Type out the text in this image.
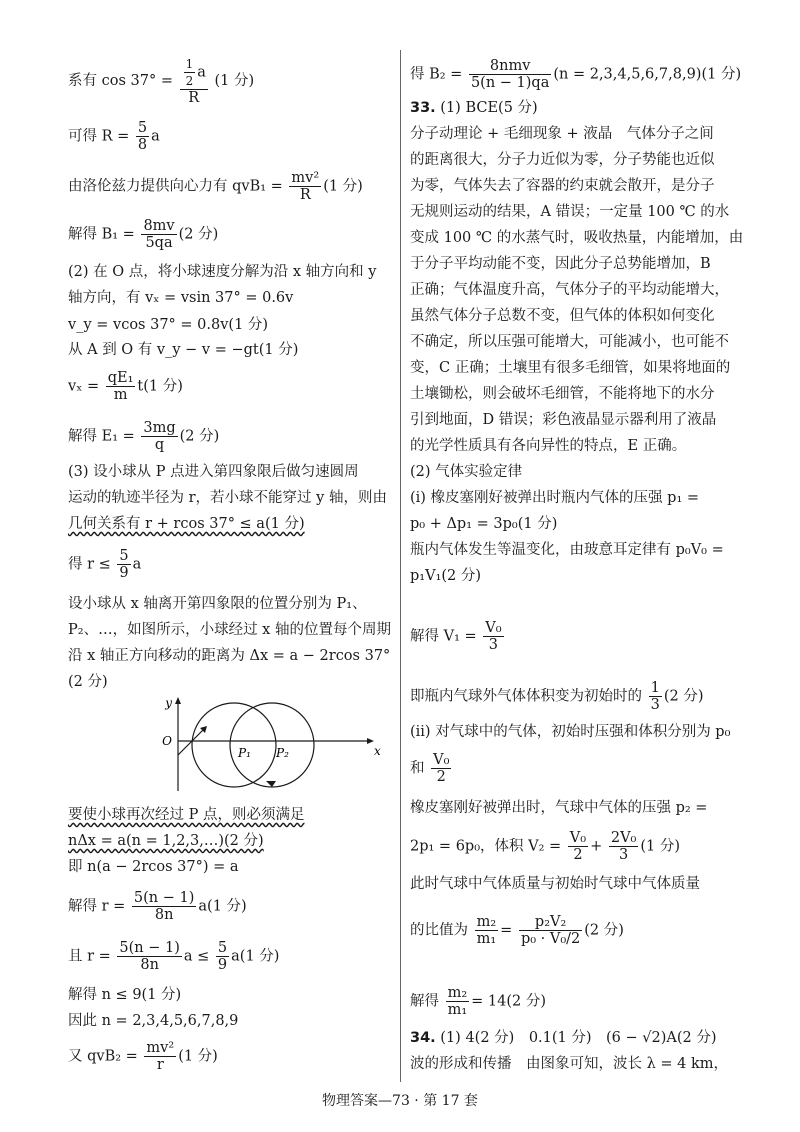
系有 $\cos 37^\circ = \frac{\frac{1}{2} a}{R} (1$ 分)
可得 $R = \frac{5}{8}$ a
由洛伦兹力提供向心力有 $qvB_1 = \frac{\text{mv²}}{R} (1$ 分)
解得 $B_1 = \frac{8mv}{5qa} (2$ 分)
(2) 在 O 点，将小球速度分解为沿 x 轴方向和 y
轴方向，有 vₓ = vsin 37° = 0.6v
v_y = vcos 37° = 0.8v(1 分)
从 A 到 O 有 v_y − v = −gt(1 分)
$v_x = \frac{\text{qE₁}}{m} t(1$ 分)
解得 $E_1 = \frac{3mg}{q} (2$ 分)
(3) 设小球从 P 点进入第四象限后做匀速圆周
运动的轨迹半径为 r，若小球不能穿过 y 轴，则由
几何关系有 r + rcos 37° ≤ a(1 分)
得 $r \le \frac{5}{9}$ a
设小球从 x 轴离开第四象限的位置分别为 P₁、
P₂、…，如图所示，小球经过 x 轴的位置每个周期
沿 x 轴正方向移动的距离为 Δx = a − 2rcos 37°
(2 分)
y
O
x
P₁ P₂
要使小球再次经过 P 点，则必须满足
nΔx = a(n = 1,2,3,…)(2 分)
即 n(a − 2rcos 37°) = a
解得 $r = \frac{5(n - 1)}{8n} a(1$ 分)
且 $r = \frac{5(n - 1)}{8n}$ $a \le \frac{5}{9} a(1$ 分)
解得 n ≤ 9(1 分)
因此 n = 2,3,4,5,6,7,8,9
又 $qvB_2 = \frac{\text{mv²}}{r} (1$ 分)
得 $B_2 = \frac{\text{8nmv}}{5(n - 1)qa} (n = 2,3,4,5,6,7,8,9)(1$ 分)
33. (1) BCE(5 分)
分子动理论 + 毛细现象 + 液晶　气体分子之间
的距离很大，分子力近似为零，分子势能也近似
为零，气体失去了容器的约束就会散开，是分子
无规则运动的结果，A 错误；一定量 100 ℃ 的水
变成 100 ℃ 的水蒸气时，吸收热量，内能增加，由
于分子平均动能不变，因此分子总势能增加，B
正确；气体温度升高，气体分子的平均动能增大，
虽然气体分子总数不变，但气体的体积如何变化
不确定，所以压强可能增大，可能减小，也可能不
变，C 正确；土壤里有很多毛细管，如果将地面的
土壤锄松，则会破坏毛细管，不能将地下的水分
引到地面，D 错误；彩色液晶显示器利用了液晶
的光学性质具有各向异性的特点，E 正确。
(2) 气体实验定律
(i) 橡皮塞刚好被弹出时瓶内气体的压强 p₁ =
p₀ + Δp₁ = 3p₀(1 分)
瓶内气体发生等温变化，由玻意耳定律有 p₀V₀ =
p₁V₁(2 分)
解得 $V_1 = \frac{\text{V₀}}{3}$
即瓶内气球外气体体积变为初始时的 $\frac{1}{3} (2$ 分)
(ii) 对气球中的气体，初始时压强和体积分别为 p₀
和 $\frac{\text{V₀}}{2}$
橡皮塞刚好被弹出时，气球中气体的压强 p₂ =
2p₁ = 6p₀，体积 $V_2 = \frac{\text{V₀}}{2} + \frac{\text{2V₀}}{3} (1$ 分)
此时气球中气体质量与初始时气球中气体质量
的比值为 $\frac{\text{m₂}}{\text{m₁}} = \frac{\text{p₂V₂}}{\text{p₀ · V₀/2}} (2$ 分)
解得 $\frac{\text{m₂}}{\text{m₁}} = 14(2$ 分)
34. (1) 4(2 分)　0.1(1 分)　(6 − √2)A(2 分)
波的形成和传播　由图象可知，波长 λ = 4 km，
物理答案—73 · 第 17 套
